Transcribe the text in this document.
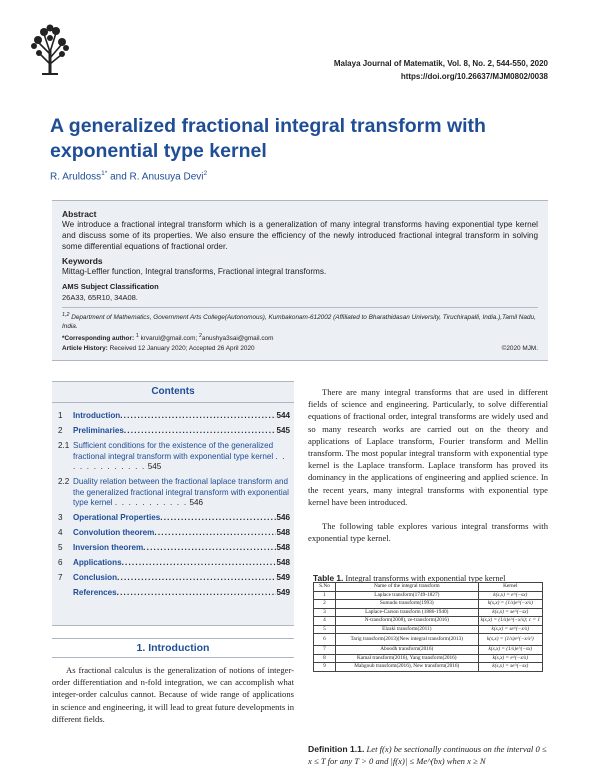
Malaya Journal of Matematik, Vol. 8, No. 2, 544-550, 2020
https://doi.org/10.26637/MJM0802/0038
A generalized fractional integral transform with exponential type kernel
R. Aruldoss$^{1*}$ and R. Anusuya Devi$^2$
Abstract
We introduce a fractional integral transform which is a generalization of many integral transforms having exponential type kernel and discuss some of its properties. We also ensure the efficiency of the newly introduced fractional integral transform in solving some differential equations of fractional order.
Keywords
Mittag-Leffler function, Integral transforms, Fractional integral transforms.
AMS Subject Classification
26A33, 65R10, 34A08.
$^{1,2}$ Department of Mathematics, Government Arts College(Autonomous), Kumbakonam-612002 (Affiliated to Bharathidasan University, Tiruchirapalli, India.),Tamil Nadu, India.
*Corresponding author: $^1$ krvarul@gmail.com; $^2$anushya3sai@gmail.com
Article History: Received 12 January 2020; Accepted 26 April 2020	©2020 MJM.
Contents
1	Introduction .....	544
2	Preliminaries .....	545
2.1 Sufficient conditions for the existence of the generalized fractional integral transform with exponential type kernel . . . . . . . . . . . . . 545
2.2 Duality relation between the fractional laplace transform and the generalized fractional integral transform with exponential type kernel . . . . . . . . . . . 546
3	Operational Properties .....	546
4	Convolution theorem .....	548
5	Inversion theorem .....	548
6	Applications .....	548
7	Conclusion .....	549
References .....	549
1. Introduction
As fractional calculus is the generalization of notions of integer-order differentiation and n-fold integration, we can accomplish what integer-order calculus cannot. Because of wide range of applications in science and engineering, it will lead to great future developments in different fields.

There are many integral transforms that are used in different fields of science and engineering. Particularly, to solve differential equations of fractional order, integral transforms are widely used and so many research works are carried out on the theory and applications of Laplace transform, Fourier transform and Mellin transform. The most popular integral transform with exponential type kernel is the Laplace transform. Laplace transform has proved its dominancy in the applications of engineering and applied science. In the recent years, many integral transforms with exponential type kernel have been introduced.

The following table explores various integral transforms with exponential type kernel.

Table 1. Integral transforms with exponential type kernel
S.No	Name of the integral transform	Kernel
1	Laplace transform(1749-1827)	k(s,x) = e^(−sx)
2	Sumudu transform(1993)	k(s,x) = (1/s)e^(−x/s)
3	Laplace-Carson transform (1886-1940)	k(s,x) = se^(−sx)
4	N-transform(2008), ze-transform(2016)	k(s,x) = (1/s)e^(−x/s); c = 1
5	Elzaki transform(2011)	k(s,x) = se^(−x/s)
6	Tarig transform(2013)(New integral transform(2013)	k(s,x) = (1/s)e^(−x/s²)
7	Aboodh transform(2016)	k(s,x) = (1/s)e^(−sx)
8	Kamal transform(2016), Yang transform(2016)	k(s,x) = e^(−x/s)
9	Mahgoub transform(2016), New transform(2016)	k(s,x) = se^(−sx)
Definition 1.1. Let f(x) be sectionally continuous on the interval 0 ≤ x ≤ T for any T > 0 and |f(x)| ≤ Me^(bx) when x ≥ N
